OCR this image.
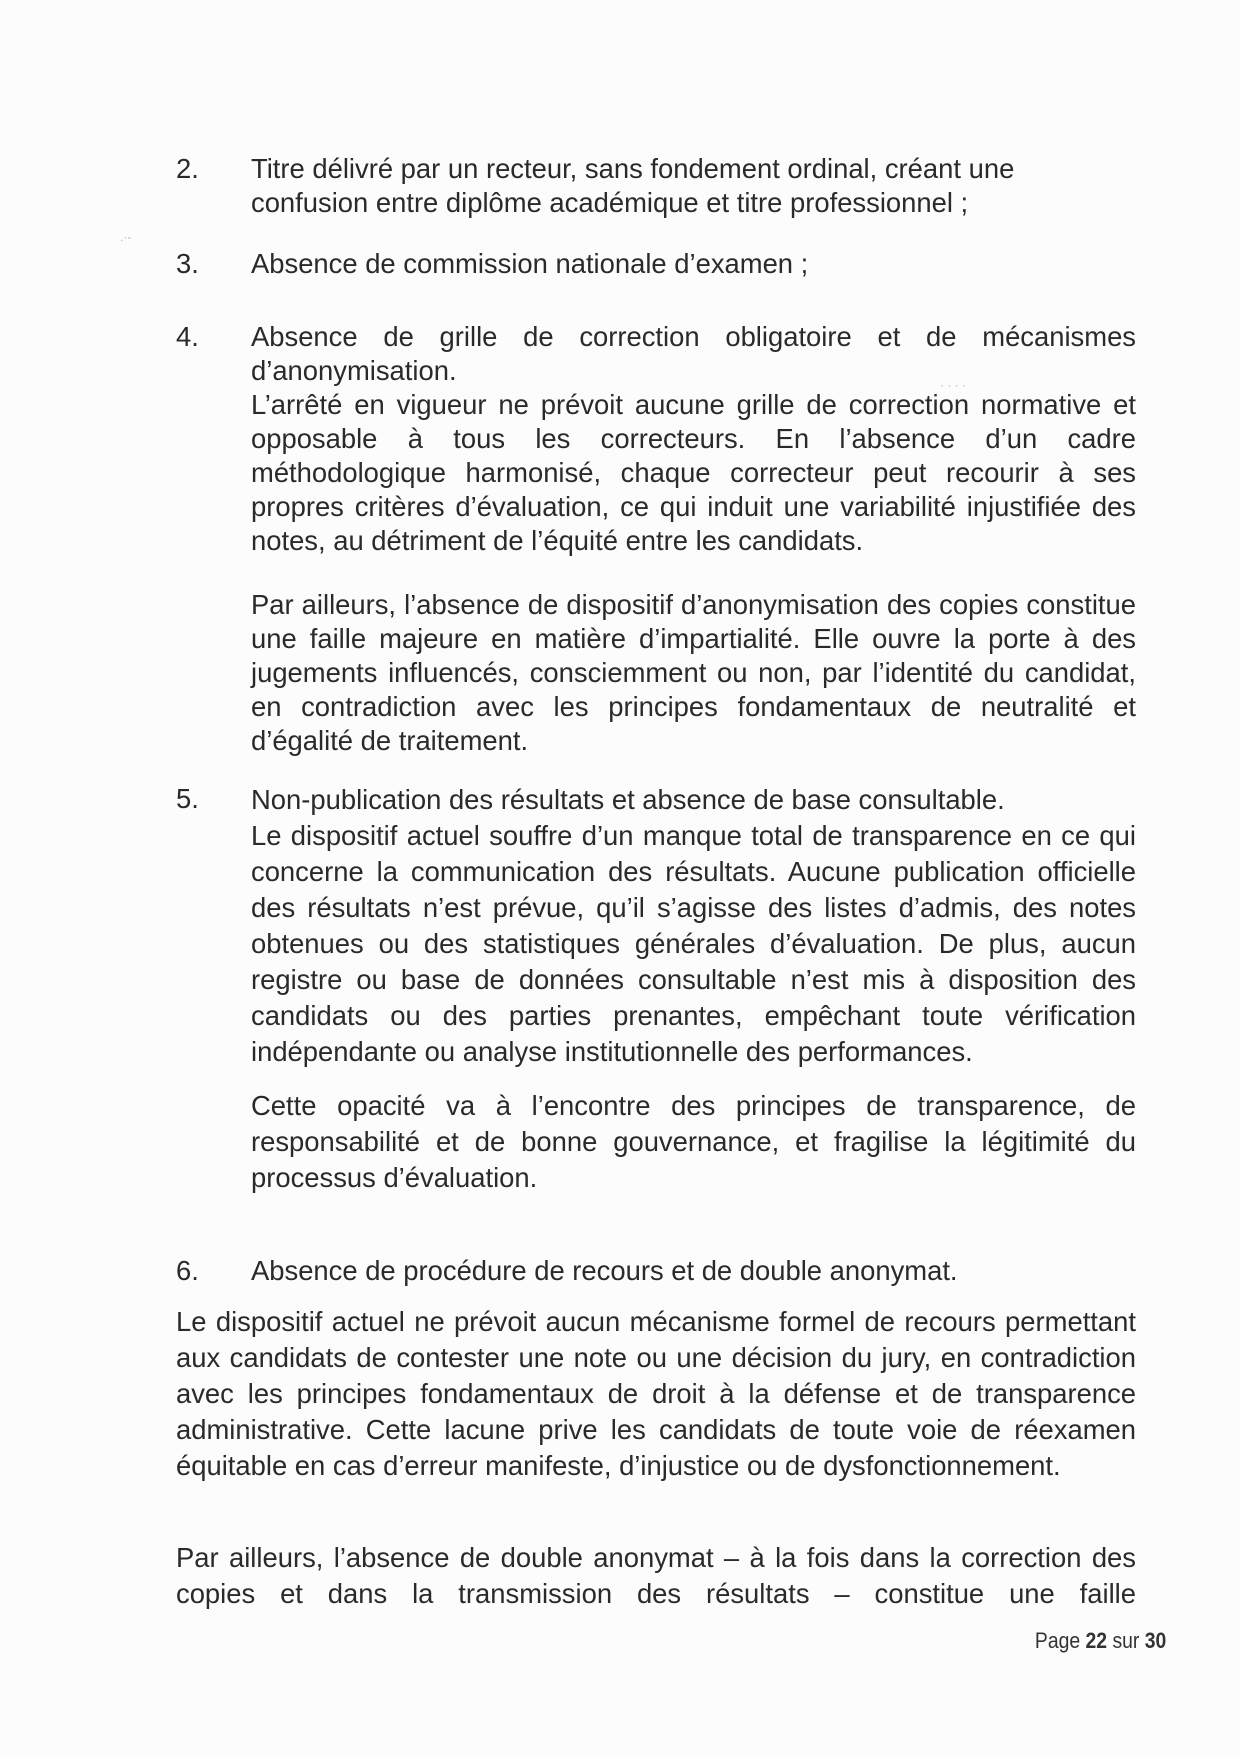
2. Titre délivré par un recteur, sans fondement ordinal, créant une
confusion entre diplôme académique et titre professionnel ;
3. Absence de commission nationale d’examen ;
4. Absence de grille de correction obligatoire et de mécanismes d’anonymisation.
L’arrêté en vigueur ne prévoit aucune grille de correction normative et opposable à tous les correcteurs. En l’absence d’un cadre méthodologique harmonisé, chaque correcteur peut recourir à ses propres critères d’évaluation, ce qui induit une variabilité injustifiée des notes, au détriment de l’équité entre les candidats.
Par ailleurs, l’absence de dispositif d’anonymisation des copies constitue une faille majeure en matière d’impartialité. Elle ouvre la porte à des jugements influencés, consciemment ou non, par l’identité du candidat, en contradiction avec les principes fondamentaux de neutralité et d’égalité de traitement.
5. Non-publication des résultats et absence de base consultable.
Le dispositif actuel souffre d’un manque total de transparence en ce qui concerne la communication des résultats. Aucune publication officielle des résultats n’est prévue, qu’il s’agisse des listes d’admis, des notes obtenues ou des statistiques générales d’évaluation. De plus, aucun registre ou base de données consultable n’est mis à disposition des candidats ou des parties prenantes, empêchant toute vérification indépendante ou analyse institutionnelle des performances.
Cette opacité va à l’encontre des principes de transparence, de responsabilité et de bonne gouvernance, et fragilise la légitimité du processus d’évaluation.
6. Absence de procédure de recours et de double anonymat.
Le dispositif actuel ne prévoit aucun mécanisme formel de recours permettant aux candidats de contester une note ou une décision du jury, en contradiction avec les principes fondamentaux de droit à la défense et de transparence administrative. Cette lacune prive les candidats de toute voie de réexamen équitable en cas d’erreur manifeste, d’injustice ou de dysfonctionnement.
Par ailleurs, l’absence de double anonymat – à la fois dans la correction des copies et dans la transmission des résultats – constitue une faille
.·-
· · · ·
Page 22 sur 30
